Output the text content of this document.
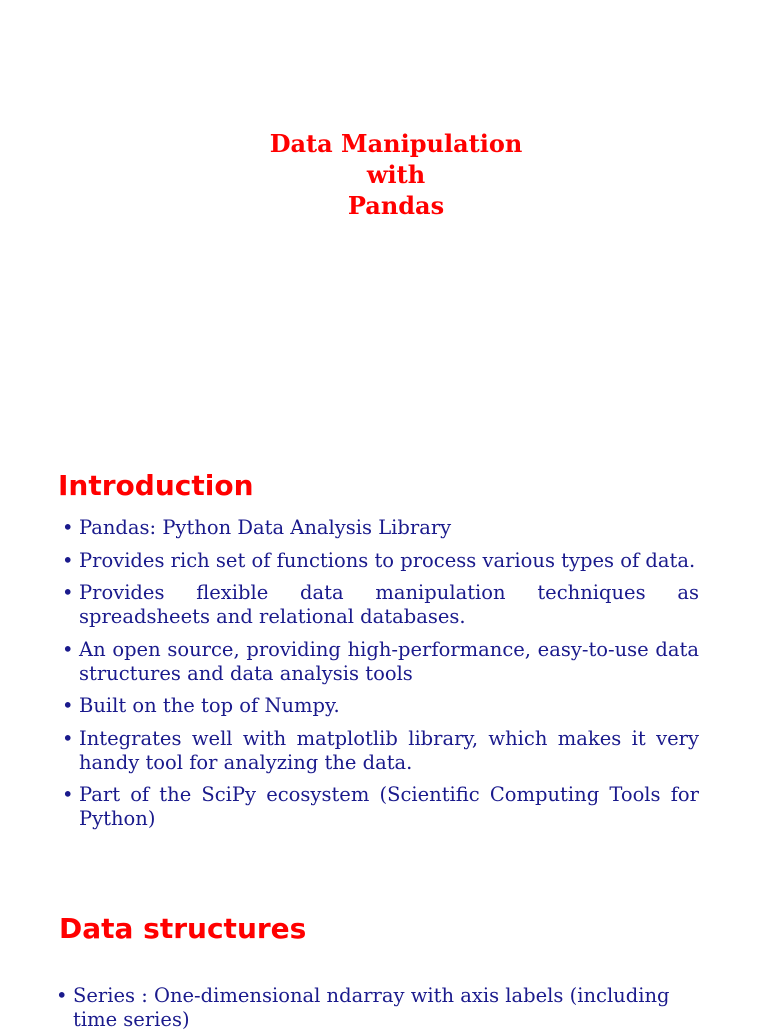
Data Manipulation
with
Pandas
Introduction
• Pandas: Python Data Analysis Library
• Provides rich set of functions to process various types of data.
• Provides flexible data manipulation techniques as spreadsheets and relational databases.
• An open source, providing high-performance, easy-to-use data structures and data analysis tools
• Built on the top of Numpy.
• Integrates well with matplotlib library, which makes it very handy tool for analyzing the data.
• Part of the SciPy ecosystem (Scientific Computing Tools for Python)
Data structures
• Series : One-dimensional ndarray with axis labels (including time series)
